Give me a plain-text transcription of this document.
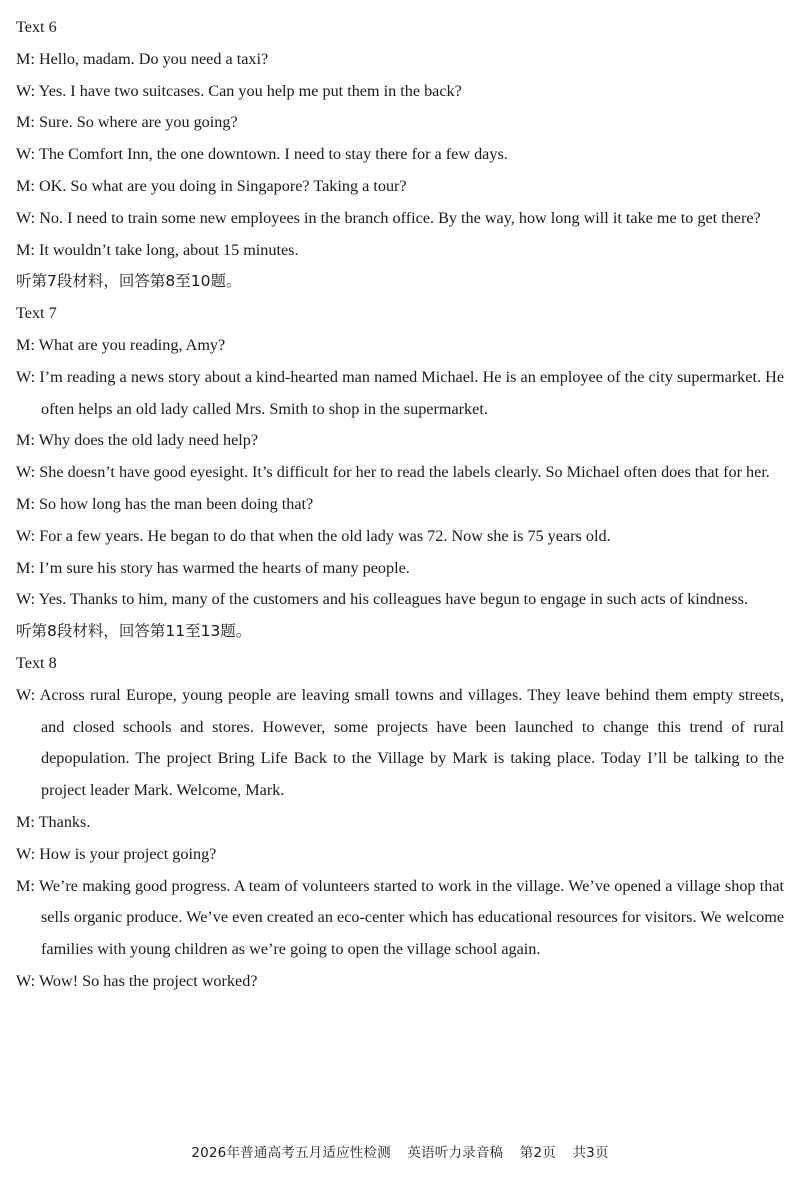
Text 6
M: Hello, madam. Do you need a taxi?
W: Yes. I have two suitcases. Can you help me put them in the back?
M: Sure. So where are you going?
W: The Comfort Inn, the one downtown. I need to stay there for a few days.
M: OK. So what are you doing in Singapore? Taking a tour?
W: No. I need to train some new employees in the branch office. By the way, how long will it take me to get there?
M: It wouldn’t take long, about 15 minutes.
听第7段材料，回答第8至10题。
Text 7
M: What are you reading, Amy?
W: I’m reading a news story about a kind-hearted man named Michael. He is an employee of the city supermarket. He often helps an old lady called Mrs. Smith to shop in the supermarket.
M: Why does the old lady need help?
W: She doesn’t have good eyesight. It’s difficult for her to read the labels clearly. So Michael often does that for her.
M: So how long has the man been doing that?
W: For a few years. He began to do that when the old lady was 72. Now she is 75 years old.
M: I’m sure his story has warmed the hearts of many people.
W: Yes. Thanks to him, many of the customers and his colleagues have begun to engage in such acts of kindness.
听第8段材料，回答第11至13题。
Text 8
W: Across rural Europe, young people are leaving small towns and villages. They leave behind them empty streets, and closed schools and stores. However, some projects have been launched to change this trend of rural depopulation. The project Bring Life Back to the Village by Mark is taking place. Today I’ll be talking to the project leader Mark. Welcome, Mark.
M: Thanks.
W: How is your project going?
M: We’re making good progress. A team of volunteers started to work in the village. We’ve opened a village shop that sells organic produce. We’ve even created an eco-center which has educational resources for visitors. We welcome families with young children as we’re going to open the village school again.
W: Wow! So has the project worked?
2026年普通高考五月适应性检测 英语听力录音稿 第2页 共3页
